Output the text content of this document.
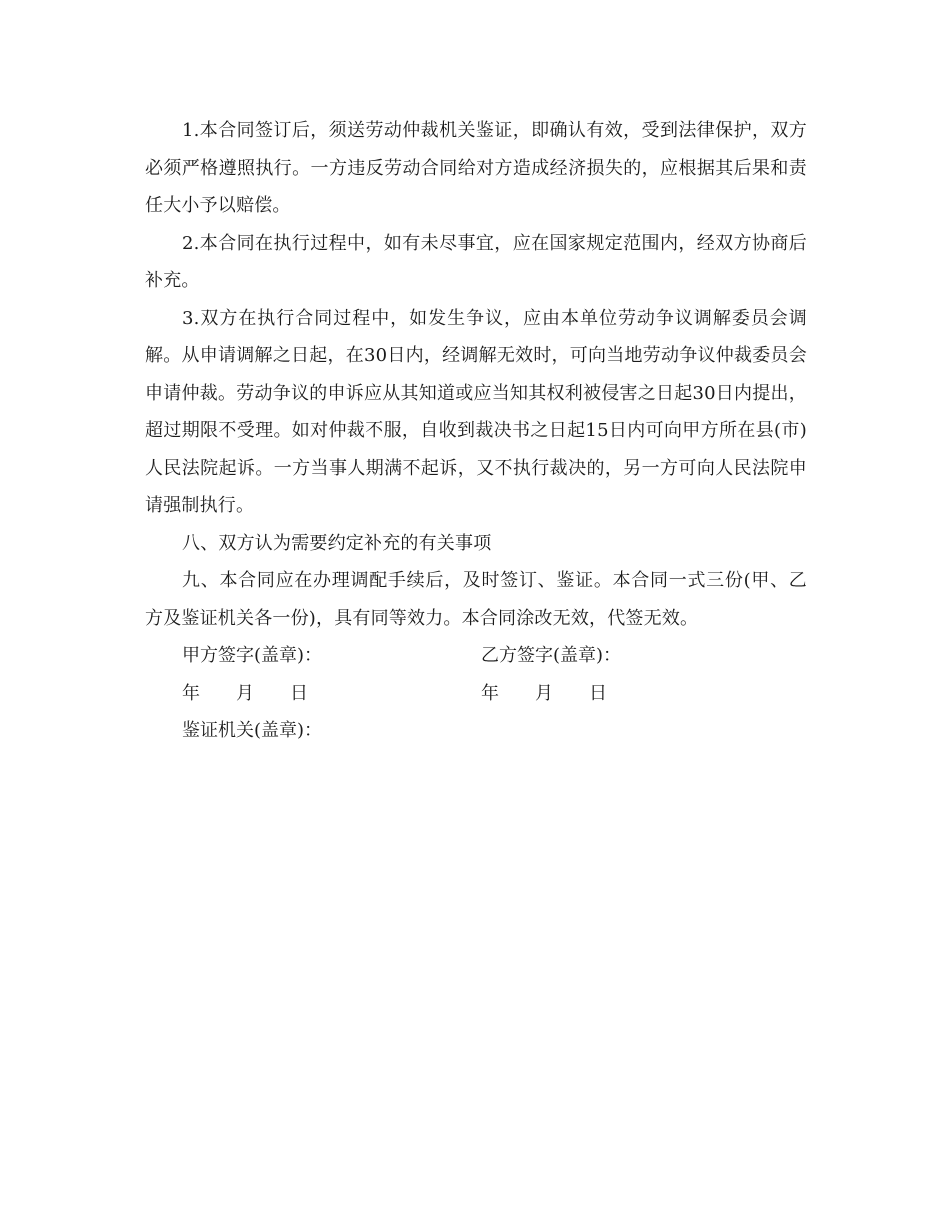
1.本合同签订后，须送劳动仲裁机关鉴证，即确认有效，受到法律保护，双方必须严格遵照执行。一方违反劳动合同给对方造成经济损失的，应根据其后果和责任大小予以赔偿。

2.本合同在执行过程中，如有未尽事宜，应在国家规定范围内，经双方协商后补充。

3.双方在执行合同过程中，如发生争议，应由本单位劳动争议调解委员会调解。从申请调解之日起，在30日内，经调解无效时，可向当地劳动争议仲裁委员会申请仲裁。劳动争议的申诉应从其知道或应当知其权利被侵害之日起30日内提出，超过期限不受理。如对仲裁不服，自收到裁决书之日起15日内可向甲方所在县(市)人民法院起诉。一方当事人期满不起诉，又不执行裁决的，另一方可向人民法院申请强制执行。

八、双方认为需要约定补充的有关事项

九、本合同应在办理调配手续后，及时签订、鉴证。本合同一式三份(甲、乙方及鉴证机关各一份)，具有同等效力。本合同涂改无效，代签无效。

甲方签字(盖章)：	乙方签字(盖章)：
年　　月　　日	年　　月　　日
鉴证机关(盖章)：
